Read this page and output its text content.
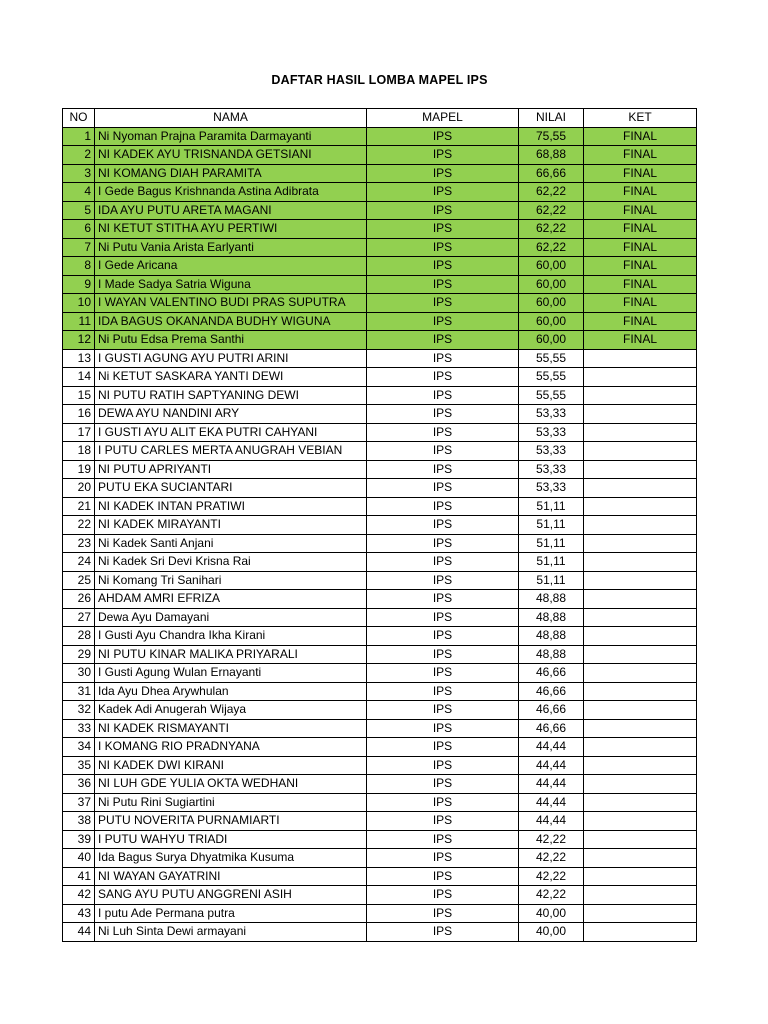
DAFTAR HASIL LOMBA MAPEL IPS
NO	NAMA	MAPEL	NILAI	KET
1	Ni Nyoman Prajna Paramita Darmayanti	IPS	75,55	FINAL
2	NI KADEK AYU TRISNANDA GETSIANI	IPS	68,88	FINAL
3	NI KOMANG DIAH PARAMITA	IPS	66,66	FINAL
4	I Gede Bagus Krishnanda Astina Adibrata	IPS	62,22	FINAL
5	IDA AYU PUTU ARETA MAGANI	IPS	62,22	FINAL
6	NI KETUT STITHA AYU PERTIWI	IPS	62,22	FINAL
7	Ni Putu Vania Arista Earlyanti	IPS	62,22	FINAL
8	I Gede Aricana	IPS	60,00	FINAL
9	I Made Sadya Satria Wiguna	IPS	60,00	FINAL
10	I WAYAN VALENTINO BUDI PRAS SUPUTRA	IPS	60,00	FINAL
11	IDA BAGUS OKANANDA BUDHY WIGUNA	IPS	60,00	FINAL
12	Ni Putu Edsa Prema Santhi	IPS	60,00	FINAL
13	I GUSTI AGUNG AYU PUTRI ARINI	IPS	55,55	
14	Ni KETUT SASKARA YANTI DEWI	IPS	55,55	
15	NI PUTU RATIH SAPTYANING DEWI	IPS	55,55	
16	DEWA AYU NANDINI ARY	IPS	53,33	
17	I GUSTI AYU ALIT EKA PUTRI CAHYANI	IPS	53,33	
18	I PUTU CARLES MERTA ANUGRAH VEBIAN	IPS	53,33	
19	NI PUTU APRIYANTI	IPS	53,33	
20	PUTU EKA SUCIANTARI	IPS	53,33	
21	NI KADEK INTAN PRATIWI	IPS	51,11	
22	NI KADEK MIRAYANTI	IPS	51,11	
23	Ni Kadek Santi Anjani	IPS	51,11	
24	Ni Kadek Sri Devi Krisna Rai	IPS	51,11	
25	Ni Komang Tri Sanihari	IPS	51,11	
26	AHDAM AMRI EFRIZA	IPS	48,88	
27	Dewa Ayu Damayani	IPS	48,88	
28	I Gusti Ayu Chandra Ikha Kirani	IPS	48,88	
29	NI PUTU KINAR MALIKA PRIYARALI	IPS	48,88	
30	I Gusti Agung Wulan Ernayanti	IPS	46,66	
31	Ida Ayu Dhea Arywhulan	IPS	46,66	
32	Kadek Adi Anugerah Wijaya	IPS	46,66	
33	NI KADEK RISMAYANTI	IPS	46,66	
34	I KOMANG RIO PRADNYANA	IPS	44,44	
35	NI KADEK DWI KIRANI	IPS	44,44	
36	NI LUH GDE YULIA OKTA WEDHANI	IPS	44,44	
37	Ni Putu Rini Sugiartini	IPS	44,44	
38	PUTU NOVERITA PURNAMIARTI	IPS	44,44	
39	I PUTU WAHYU TRIADI	IPS	42,22	
40	Ida Bagus Surya Dhyatmika Kusuma	IPS	42,22	
41	NI WAYAN GAYATRINI	IPS	42,22	
42	SANG AYU PUTU ANGGRENI ASIH	IPS	42,22	
43	I putu Ade Permana putra	IPS	40,00	
44	Ni Luh Sinta Dewi armayani	IPS	40,00	
